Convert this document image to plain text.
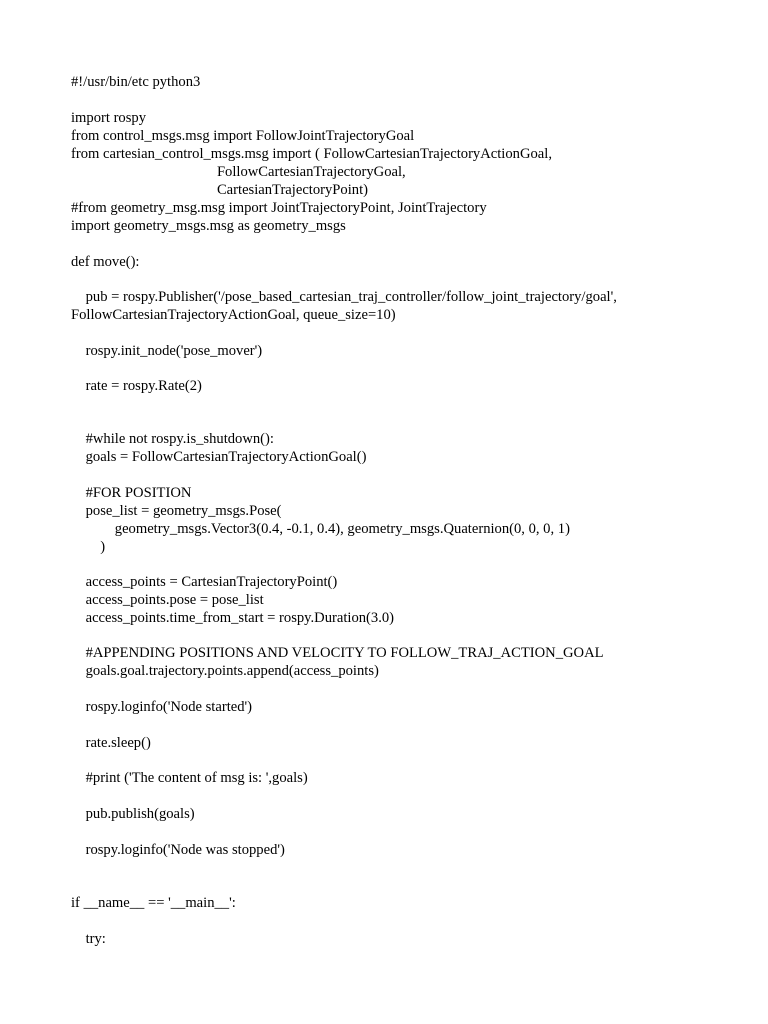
#!/usr/bin/etc python3
import rospy
from control_msgs.msg import FollowJointTrajectoryGoal
from cartesian_control_msgs.msg import ( FollowCartesianTrajectoryActionGoal,
FollowCartesianTrajectoryGoal,
CartesianTrajectoryPoint)
#from geometry_msg.msg import JointTrajectoryPoint, JointTrajectory
import geometry_msgs.msg as geometry_msgs
def move():
pub = rospy.Publisher('/pose_based_cartesian_traj_controller/follow_joint_trajectory/goal',
FollowCartesianTrajectoryActionGoal, queue_size=10)
rospy.init_node('pose_mover')
rate = rospy.Rate(2)
#while not rospy.is_shutdown():
goals = FollowCartesianTrajectoryActionGoal()
#FOR POSITION
pose_list = geometry_msgs.Pose(
geometry_msgs.Vector3(0.4, -0.1, 0.4), geometry_msgs.Quaternion(0, 0, 0, 1)
)
access_points = CartesianTrajectoryPoint()
access_points.pose = pose_list
access_points.time_from_start = rospy.Duration(3.0)
#APPENDING POSITIONS AND VELOCITY TO FOLLOW_TRAJ_ACTION_GOAL
goals.goal.trajectory.points.append(access_points)
rospy.loginfo('Node started')
rate.sleep()
#print ('The content of msg is: ',goals)
pub.publish(goals)
rospy.loginfo('Node was stopped')
if __name__ == '__main__':
try:
